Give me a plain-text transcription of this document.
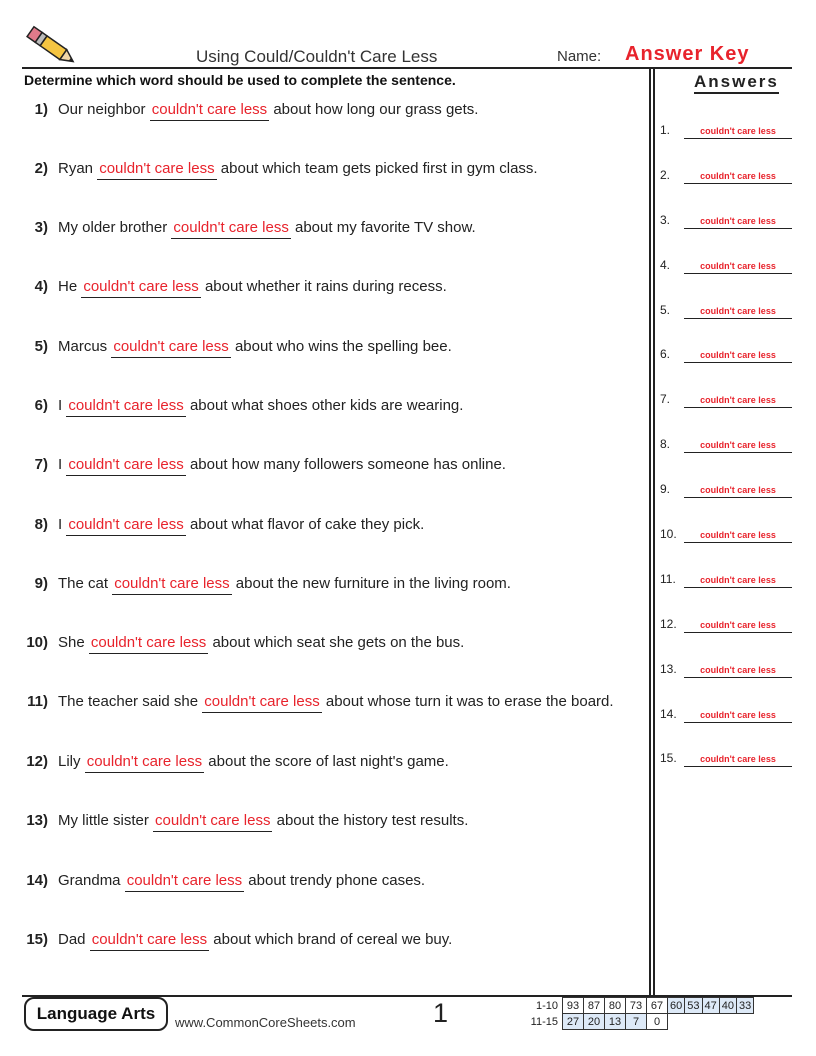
Using Could/Couldn't Care Less	Name: Answer Key
Determine which word should be used to complete the sentence.
1) Our neighbor couldn't care less about how long our grass gets.
2) Ryan couldn't care less about which team gets picked first in gym class.
3) My older brother couldn't care less about my favorite TV show.
4) He couldn't care less about whether it rains during recess.
5) Marcus couldn't care less about who wins the spelling bee.
6) I couldn't care less about what shoes other kids are wearing.
7) I couldn't care less about how many followers someone has online.
8) I couldn't care less about what flavor of cake they pick.
9) The cat couldn't care less about the new furniture in the living room.
10) She couldn't care less about which seat she gets on the bus.
11) The teacher said she couldn't care less about whose turn it was to erase the board.
12) Lily couldn't care less about the score of last night's game.
13) My little sister couldn't care less about the history test results.
14) Grandma couldn't care less about trendy phone cases.
15) Dad couldn't care less about which brand of cereal we buy.
Answers
1.	couldn't care less
2.	couldn't care less
3.	couldn't care less
4.	couldn't care less
5.	couldn't care less
6.	couldn't care less
7.	couldn't care less
8.	couldn't care less
9.	couldn't care less
10.	couldn't care less
11.	couldn't care less
12.	couldn't care less
13.	couldn't care less
14.	couldn't care less
15.	couldn't care less
Language Arts	www.CommonCoreSheets.com	1	1-10	93	87	80	73	67	60	53	47	40	33
11-15	27	20	13	7	0					
